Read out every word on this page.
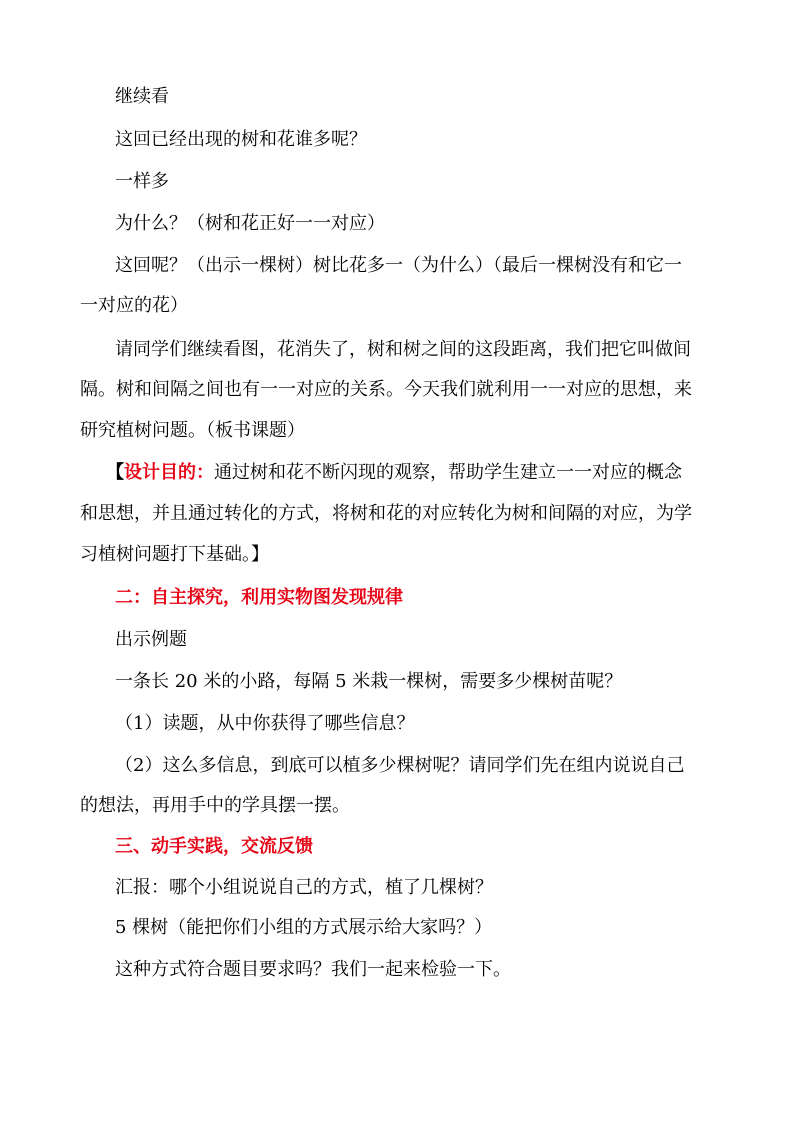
继续看
这回已经出现的树和花谁多呢？
一样多
为什么？（树和花正好一一对应）
这回呢？（出示一棵树）树比花多一（为什么）（最后一棵树没有和它一
一对应的花）
请同学们继续看图，花消失了，树和树之间的这段距离，我们把它叫做间
隔。树和间隔之间也有一一对应的关系。今天我们就利用一一对应的思想，来
研究植树问题。（板书课题）
【设计目的：通过树和花不断闪现的观察，帮助学生建立一一对应的概念
和思想，并且通过转化的方式，将树和花的对应转化为树和间隔的对应，为学
习植树问题打下基础。】
二：自主探究，利用实物图发现规律
出示例题
一条长 20 米的小路，每隔 5 米栽一棵树，需要多少棵树苗呢？
（1）读题，从中你获得了哪些信息？
（2）这么多信息，到底可以植多少棵树呢？请同学们先在组内说说自己
的想法，再用手中的学具摆一摆。
三、动手实践，交流反馈
汇报：哪个小组说说自己的方式，植了几棵树？
5 棵树（能把你们小组的方式展示给大家吗？）
这种方式符合题目要求吗？我们一起来检验一下。
